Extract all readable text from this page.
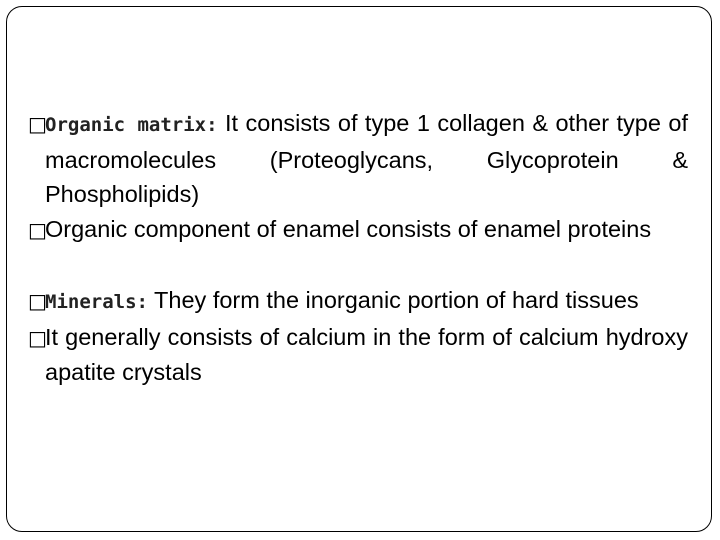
□Organic matrix: It consists of type 1 collagen & other type of macromolecules (Proteoglycans, Glycoprotein & Phospholipids)

□Organic component of enamel consists of enamel proteins

□Minerals: They form the inorganic portion of hard tissues

□It generally consists of calcium in the form of calcium hydroxy apatite crystals
